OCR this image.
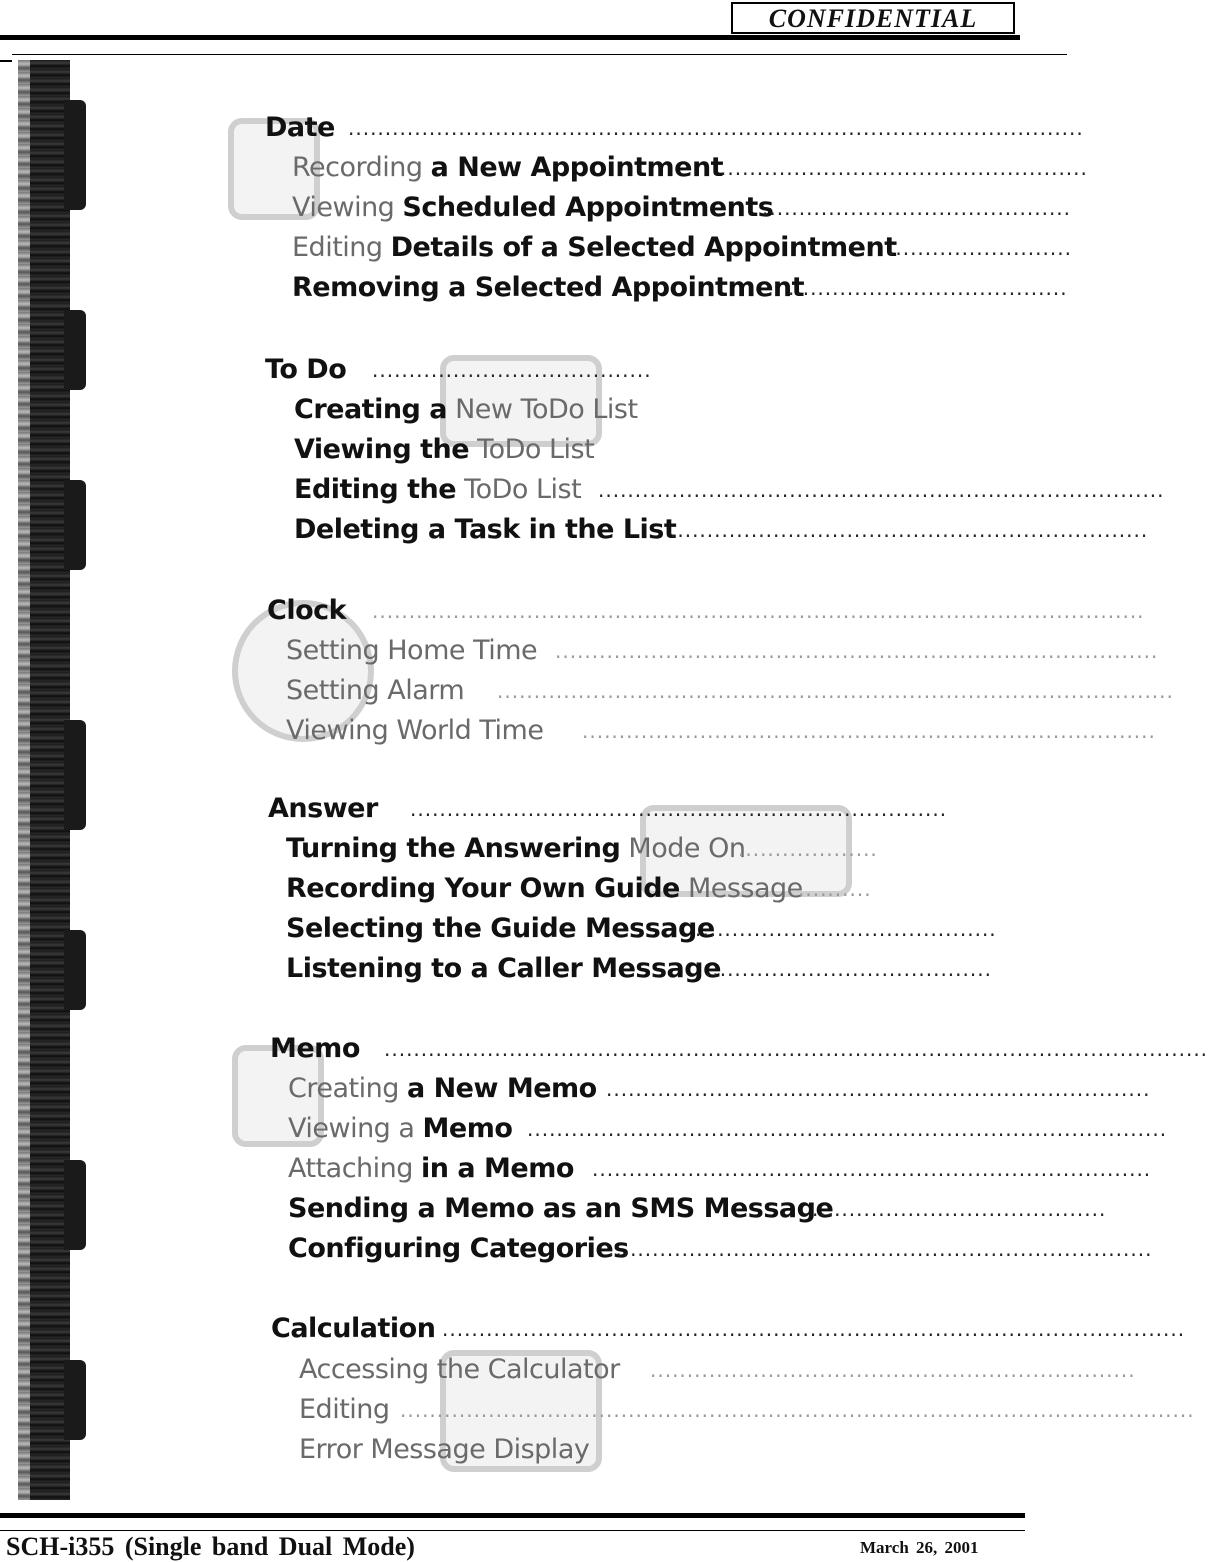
CONFIDENTIAL
Date ....................................................................................................
Recording a New Appointment
..................................................
Viewing Scheduled Appointments
..........................................
Editing Details of a Selected Appointment
.........................
Removing a Selected Appointment
......................................
To Do ......................................
Creating a New ToDo List
Viewing the ToDo List
Editing the ToDo List .............................................................................
Deleting a Task in the List
.................................................................
Clock .........................................................................................................
Setting Home Time ..................................................................................
Setting Alarm ............................................................................................
Viewing World Time ..............................................................................
Answer .........................................................................
Turning the Answering Mode On
...................
Recording Your Own Guide Message
..........
Selecting the Guide Message
.........................................
Listening to a Caller Message
.......................................
Memo ................................................................................................................
Creating a New Memo ..........................................................................
Viewing a Memo .......................................................................................
Attaching in a Memo ............................................................................
Sending a Memo as an SMS Message
........................................
Configuring Categories
..........................................................................
Calculation .....................................................................................................
Accessing the Calculator ..................................................................
Editing ............................................................................................................
Error Message Display
SCH-i355 (Single band Dual Mode)	March 26, 2001
